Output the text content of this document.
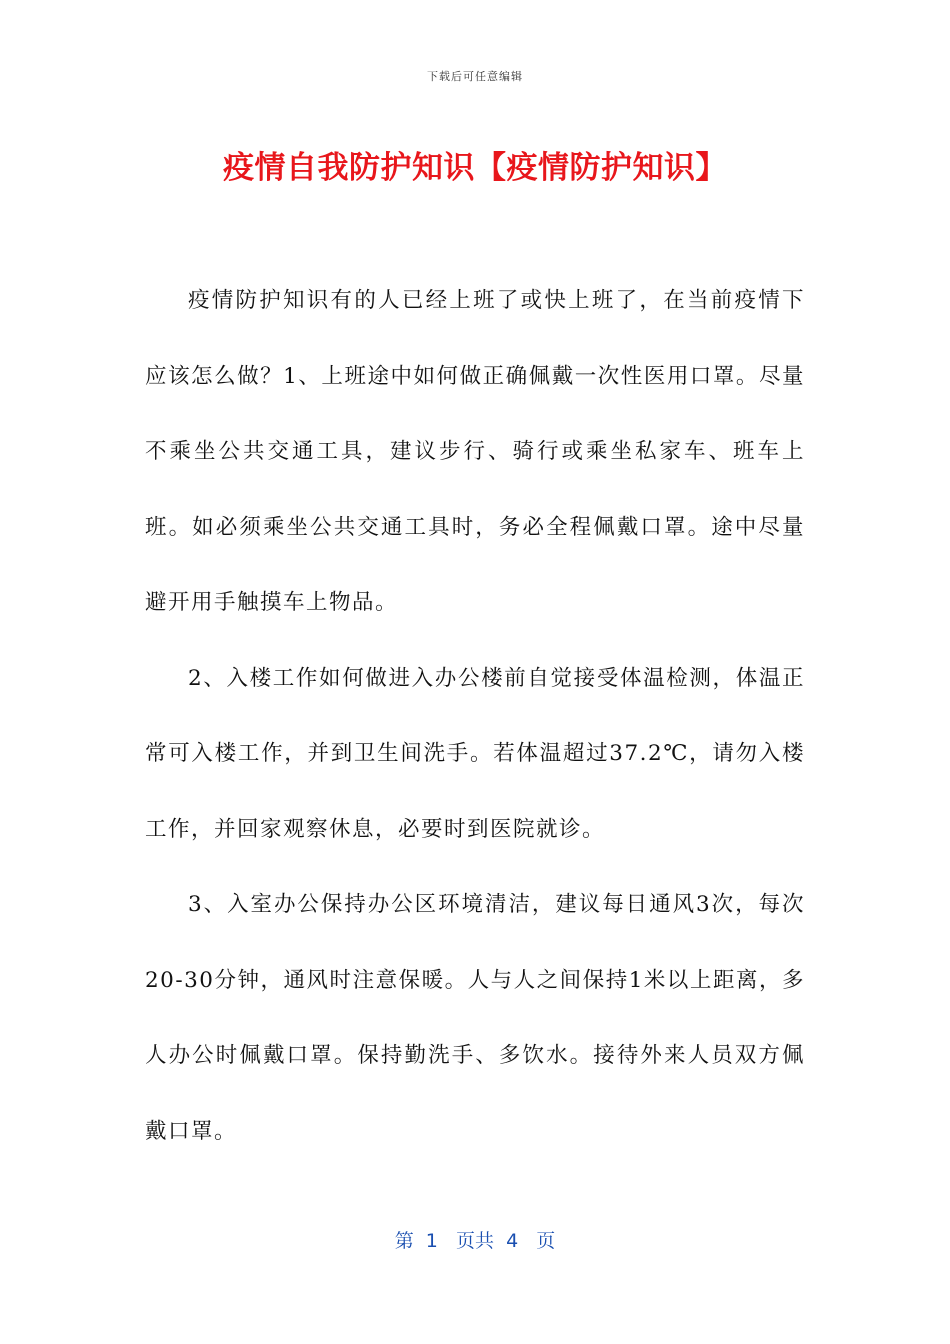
下载后可任意编辑
疫情自我防护知识【疫情防护知识】

疫情防护知识有的人已经上班了或快上班了，在当前疫情下应该怎么做？1、上班途中如何做正确佩戴一次性医用口罩。尽量不乘坐公共交通工具，建议步行、骑行或乘坐私家车、班车上班。如必须乘坐公共交通工具时，务必全程佩戴口罩。途中尽量避开用手触摸车上物品。

2、入楼工作如何做进入办公楼前自觉接受体温检测，体温正常可入楼工作，并到卫生间洗手。若体温超过37.2℃，请勿入楼工作，并回家观察休息，必要时到医院就诊。

3、入室办公保持办公区环境清洁，建议每日通风3次，每次20-30分钟，通风时注意保暖。人与人之间保持1米以上距离，多人办公时佩戴口罩。保持勤洗手、多饮水。接待外来人员双方佩戴口罩。

第  1   页共  4   页
